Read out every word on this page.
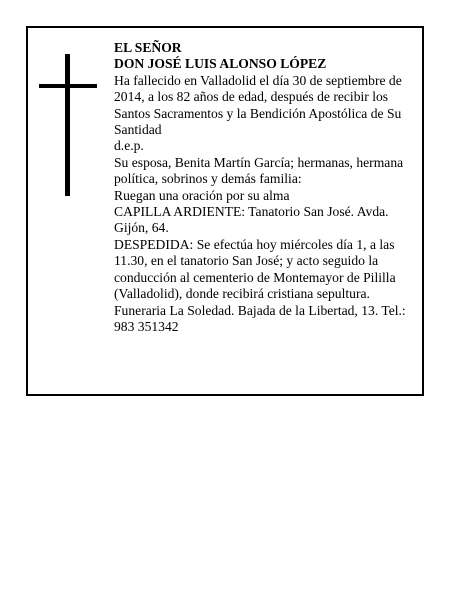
EL SEÑOR

DON JOSÉ LUIS ALONSO LÓPEZ

Ha fallecido en Valladolid el día 30 de septiembre de 2014, a los 82 años de edad, después de recibir los Santos Sacramentos y la Bendición Apostólica de Su Santidad

d.e.p.

Su esposa, Benita Martín García; hermanas, hermana política, sobrinos y demás familia:

Ruegan una oración por su alma

CAPILLA ARDIENTE: Tanatorio San José. Avda. Gijón, 64.

DESPEDIDA: Se efectúa hoy miércoles día 1, a las 11.30, en el tanatorio San José; y acto seguido la conducción al cementerio de Montemayor de Pililla (Valladolid), donde recibirá cristiana sepultura.

Funeraria La Soledad. Bajada de la Libertad, 13. Tel.: 983 351342
